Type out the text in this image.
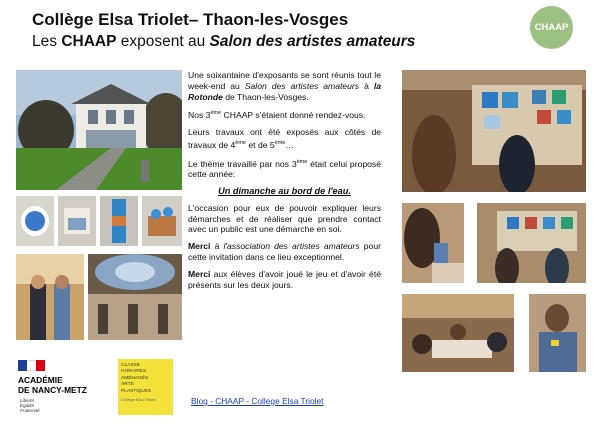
Collège Elsa Triolet– Thaon-les-Vosges
Les CHAAP exposent au Salon des artistes amateurs
CHAAP
ACADÉMIE
DE NANCY-METZ
Liberté
Égalité
Fraternité
CLASSE
HORAIRES
AMÉNAGÉS
ARTS
PLASTIQUES
Collège Elsa Triolet

Une soixantaine d'exposants se sont réunis tout le week-end au Salon des artistes amateurs à la Rotonde de Thaon-les-Vosges.

Nos 3ème CHAAP s'étaient donné rendez-vous.

Leurs travaux ont été exposés aux côtés de travaux de 4ème et de 5ème…

Le thème travaillé par nos 3ème était celui proposé cette année:

Un dimanche au bord de l'eau.

L'occasion pour eux de pouvoir expliquer leurs démarches et de réaliser que prendre contact avec un public est une démarche en soi.

Merci à l'association des artistes amateurs pour cette invitation dans ce lieu exceptionnel.

Merci aux élèves d'avoir joué le jeu et d'avoir été présents sur les deux jours.

Blog - CHAAP - College Elsa Triolet
